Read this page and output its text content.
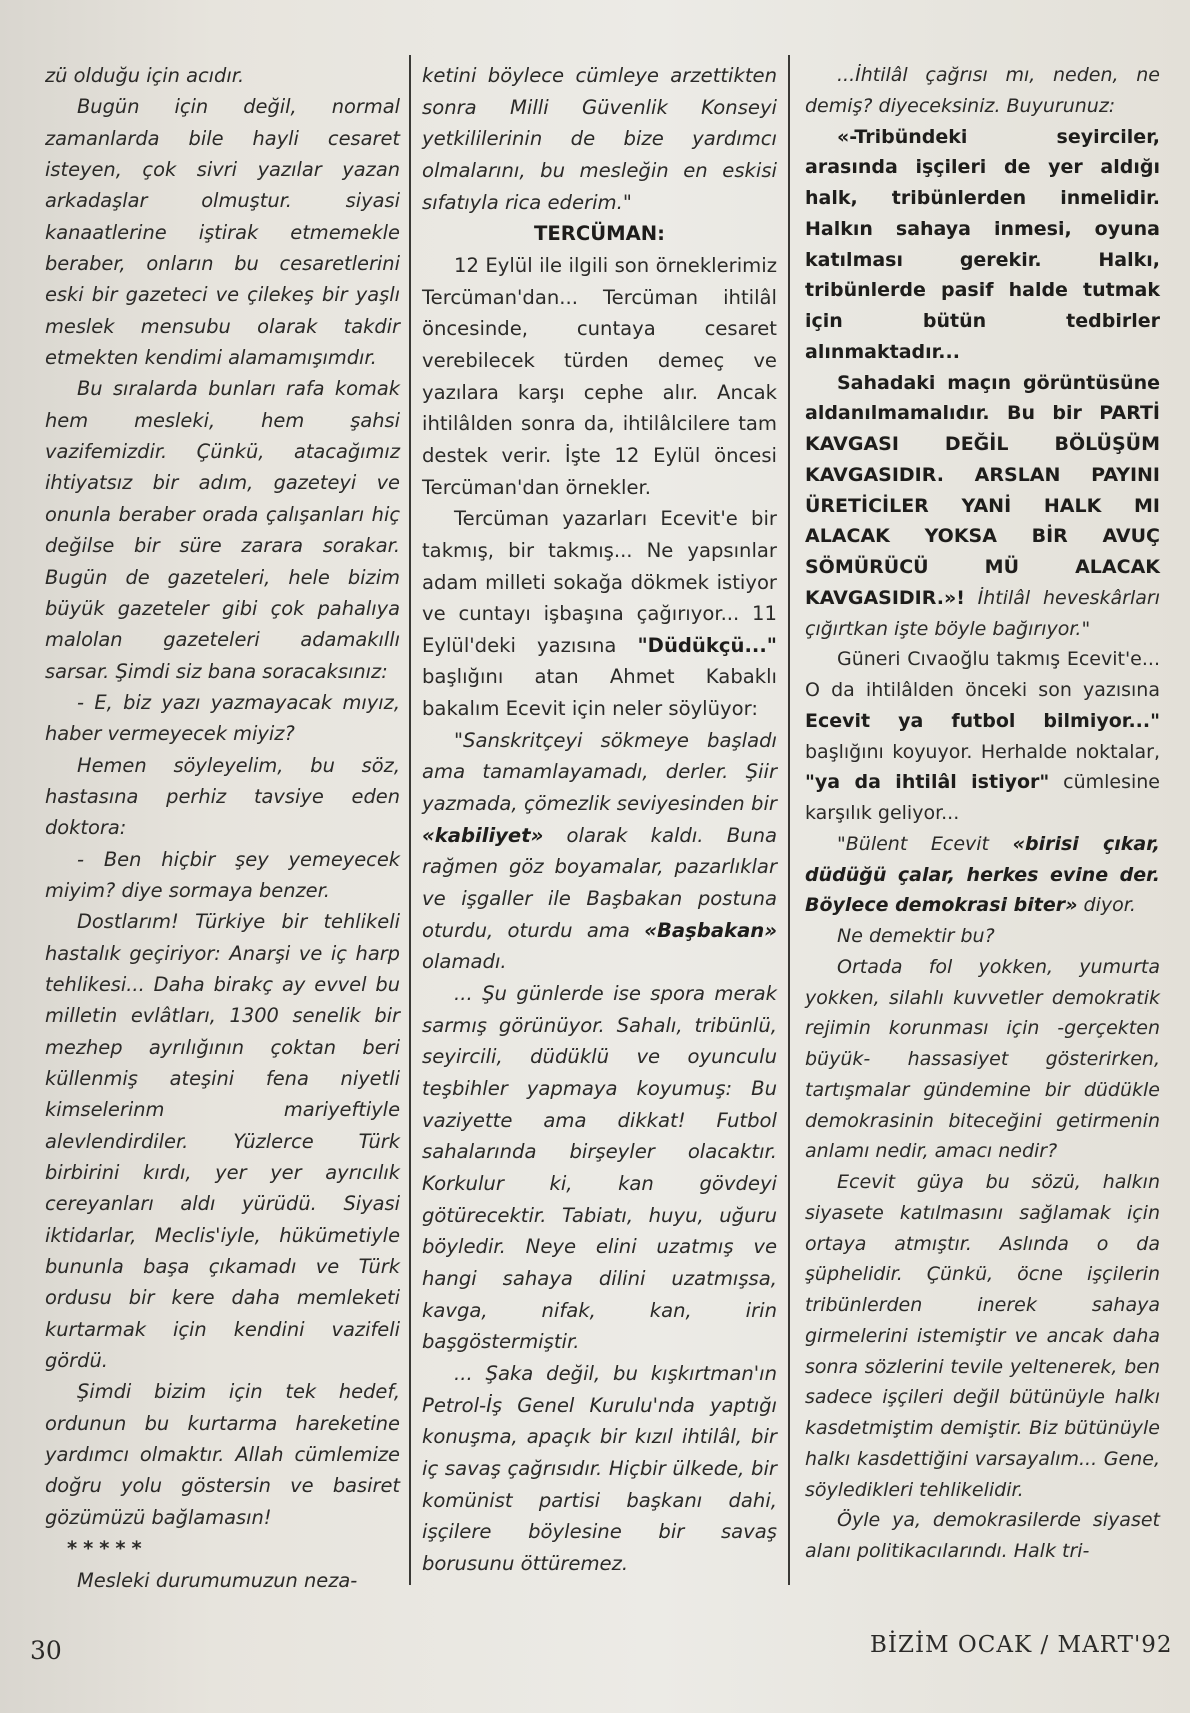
zü olduğu için acıdır.

Bugün için değil, normal zamanlarda bile hayli cesaret isteyen, çok sivri yazılar yazan arkadaşlar olmuştur. siyasi kanaatlerine iştirak etmemekle beraber, onların bu cesaretlerini eski bir gazeteci ve çilekeş bir yaşlı meslek mensubu olarak takdir etmekten kendimi alamamışımdır.

Bu sıralarda bunları rafa komak hem mesleki, hem şahsi vazifemizdir. Çünkü, atacağımız ihtiyatsız bir adım, gazeteyi ve onunla beraber orada çalışanları hiç değilse bir süre zarara sorakar. Bugün de gazeteleri, hele bizim büyük gazeteler gibi çok pahalıya malolan gazeteleri adamakıllı sarsar. Şimdi siz bana soracaksınız:

- E, biz yazı yazmayacak mıyız, haber vermeyecek miyiz?

Hemen söyleyelim, bu söz, hastasına perhiz tavsiye eden doktora:

- Ben hiçbir şey yemeyecek miyim? diye sormaya benzer.

Dostlarım! Türkiye bir tehlikeli hastalık geçiriyor: Anarşi ve iç harp tehlikesi... Daha birakç ay evvel bu milletin evlâtları, 1300 senelik bir mezhep ayrılığının çoktan beri küllenmiş ateşini fena niyetli kimselerinm mariyeftiyle alevlendirdiler. Yüzlerce Türk birbirini kırdı, yer yer ayrıcılık cereyanları aldı yürüdü. Siyasi iktidarlar, Meclis'iyle, hükümetiyle bununla başa çıkamadı ve Türk ordusu bir kere daha memleketi kurtarmak için kendini vazifeli gördü.

Şimdi bizim için tek hedef, ordunun bu kurtarma hareketine yardımcı olmaktır. Allah cümlemize doğru yolu göstersin ve basiret gözümüzü bağlamasın!

*****

Mesleki durumumuzun neza-

ketini böylece cümleye arzettikten sonra Milli Güvenlik Konseyi yetkililerinin de bize yardımcı olmalarını, bu mesleğin en eskisi sıfatıyla rica ederim."

TERCÜMAN:

12 Eylül ile ilgili son örneklerimiz Tercüman'dan... Tercüman ihtilâl öncesinde, cuntaya cesaret verebilecek türden demeç ve yazılara karşı cephe alır. Ancak ihtilâlden sonra da, ihtilâlcilere tam destek verir. İşte 12 Eylül öncesi Tercüman'dan örnekler.

Tercüman yazarları Ecevit'e bir takmış, bir takmış... Ne yapsınlar adam milleti sokağa dökmek istiyor ve cuntayı işbaşına çağırıyor... 11 Eylül'deki yazısına "Düdükçü..." başlığını atan Ahmet Kabaklı bakalım Ecevit için neler söylüyor:

"Sanskritçeyi sökmeye başladı ama tamamlayamadı, derler. Şiir yazmada, çömezlik seviyesinden bir «kabiliyet» olarak kaldı. Buna rağmen göz boyamalar, pazarlıklar ve işgaller ile Başbakan postuna oturdu, oturdu ama «Başbakan» olamadı.

... Şu günlerde ise spora merak sarmış görünüyor. Sahalı, tribünlü, seyircili, düdüklü ve oyunculu teşbihler yapmaya koyumuş: Bu vaziyette ama dikkat! Futbol sahalarında birşeyler olacaktır. Korkulur ki, kan gövdeyi götürecektir. Tabiatı, huyu, uğuru böyledir. Neye elini uzatmış ve hangi sahaya dilini uzatmışsa, kavga, nifak, kan, irin başgöstermiştir.

... Şaka değil, bu kışkırtman'ın Petrol-İş Genel Kurulu'nda yaptığı konuşma, apaçık bir kızıl ihtilâl, bir iç savaş çağrısıdır. Hiçbir ülkede, bir komünist partisi başkanı dahi, işçilere böylesine bir savaş borusunu öttüremez.

...İhtilâl çağrısı mı, neden, ne demiş? diyeceksiniz. Buyurunuz:

«-Tribündeki seyirciler, arasında işçileri de yer aldığı halk, tribünlerden inmelidir. Halkın sahaya inmesi, oyuna katılması gerekir. Halkı, tribünlerde pasif halde tutmak için bütün tedbirler alınmaktadır...

Sahadaki maçın görüntüsüne aldanılmamalıdır. Bu bir PARTİ KAVGASI DEĞİL BÖLÜŞÜM KAVGASIDIR. ARSLAN PAYINI ÜRETİCİLER YANİ HALK MI ALACAK YOKSA BİR AVUÇ SÖMÜRÜCÜ MÜ ALACAK KAVGASIDIR.»! İhtilâl heveskârları çığırtkan işte böyle bağırıyor."

Güneri Cıvaoğlu takmış Ecevit'e... O da ihtilâlden önceki son yazısına Ecevit ya futbol bilmiyor..." başlığını koyuyor. Herhalde noktalar, "ya da ihtilâl istiyor" cümlesine karşılık geliyor...

"Bülent Ecevit «birisi çıkar, düdüğü çalar, herkes evine der. Böylece demokrasi biter» diyor.

Ne demektir bu?

Ortada fol yokken, yumurta yokken, silahlı kuvvetler demokratik rejimin korunması için -gerçekten büyük- hassasiyet gösterirken, tartışmalar gündemine bir düdükle demokrasinin biteceğini getirmenin anlamı nedir, amacı nedir?

Ecevit güya bu sözü, halkın siyasete katılmasını sağlamak için ortaya atmıştır. Aslında o da şüphelidir. Çünkü, öcne işçilerin tribünlerden inerek sahaya girmelerini istemiştir ve ancak daha sonra sözlerini tevile yeltenerek, ben sadece işçileri değil bütünüyle halkı kasdetmiştim demiştir. Biz bütünüyle halkı kasdettiğini varsayalım... Gene, söyledikleri tehlikelidir.

Öyle ya, demokrasilerde siyaset alanı politikacılarındı. Halk tri-

30	BİZİM OCAK / MART'92
